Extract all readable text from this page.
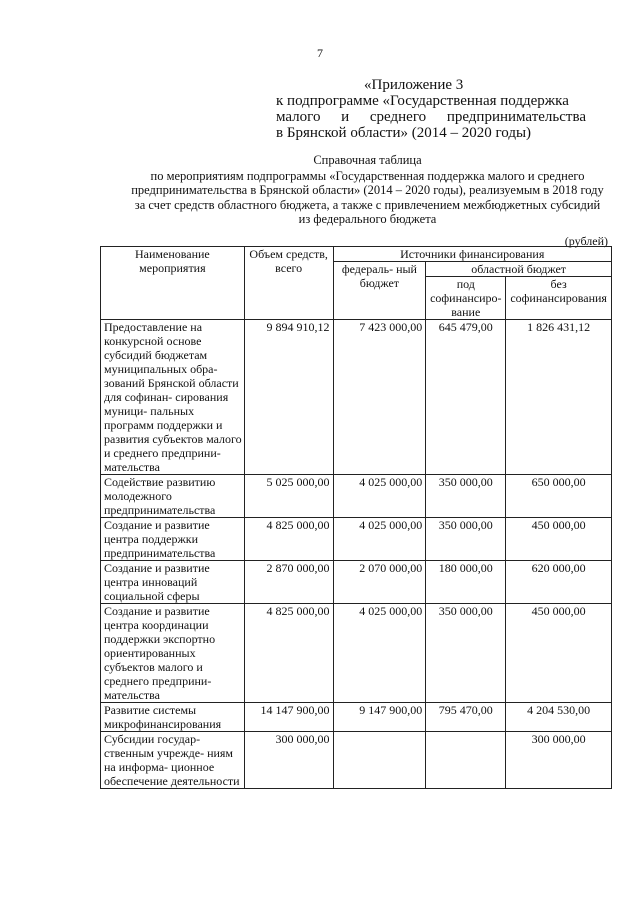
7
«Приложение 3
к подпрограмме «Государственная поддержка
малого и среднего предпринимательства
в Брянской области» (2014 – 2020 годы)
Справочная таблица
по мероприятиям подпрограммы «Государственная поддержка малого и среднего
предпринимательства в Брянской области» (2014 – 2020 годы), реализуемым в 2018 году
за счет средств областного бюджета, а также с привлечением межбюджетных субсидий
из федерального бюджета
(рублей)
Наименование мероприятия	Объем средств, всего	Источники финансирования		
		федераль- ный бюджет	областной бюджет	
			под софинансиро- вание	без софинансирования
Предоставление на конкурсной основе субсидий бюджетам муниципальных обра- зований Брянской области для софинан- сирования муници- пальных программ поддержки и развития субъектов малого и среднего предприни- мательства	9 894 910,12	7 423 000,00	645 479,00	1 826 431,12
Содействие развитию молодежного предпринимательства	5 025 000,00	4 025 000,00	350 000,00	650 000,00
Создание и развитие центра поддержки предпринимательства	4 825 000,00	4 025 000,00	350 000,00	450 000,00
Создание и развитие центра инноваций социальной сферы	2 870 000,00	2 070 000,00	180 000,00	620 000,00
Создание и развитие центра координации поддержки экспортно ориентированных субъектов малого и среднего предприни- мательства	4 825 000,00	4 025 000,00	350 000,00	450 000,00
Развитие системы микрофинансирования	14 147 900,00	9 147 900,00	795 470,00	4 204 530,00
Субсидии государ- ственным учрежде- ниям на информа- ционное обеспечение деятельности	300 000,00			300 000,00
